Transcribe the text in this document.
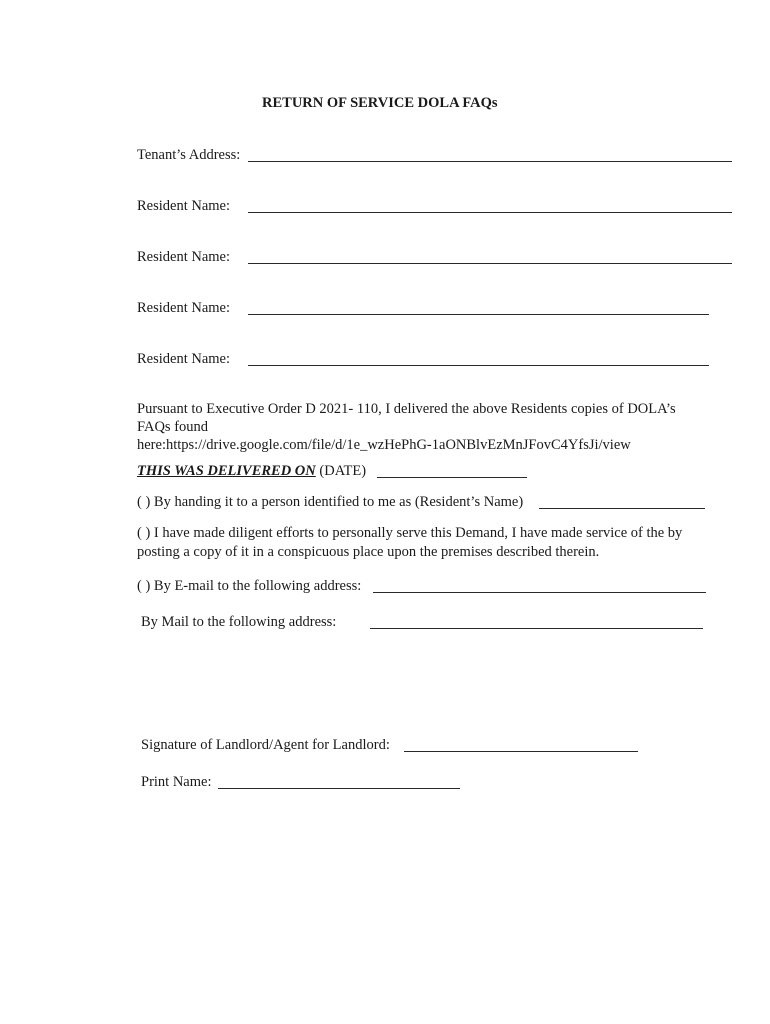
RETURN OF SERVICE DOLA FAQs
Tenant’s Address:
Resident Name:
Resident Name:
Resident Name:
Resident Name:
Pursuant to Executive Order D 2021- 110, I delivered the above Residents copies of DOLA’s
FAQs found
here:https://drive.google.com/file/d/1e_wzHePhG-1aONBlvEzMnJFovC4YfsJi/view
THIS WAS DELIVERED ON (DATE)
( ) By handing it to a person identified to me as (Resident’s Name)
( ) I have made diligent efforts to personally serve this Demand, I have made service of the by
posting a copy of it in a conspicuous place upon the premises described therein.
( ) By E-mail to the following address:
By Mail to the following address:
Signature of Landlord/Agent for Landlord:
Print Name:
